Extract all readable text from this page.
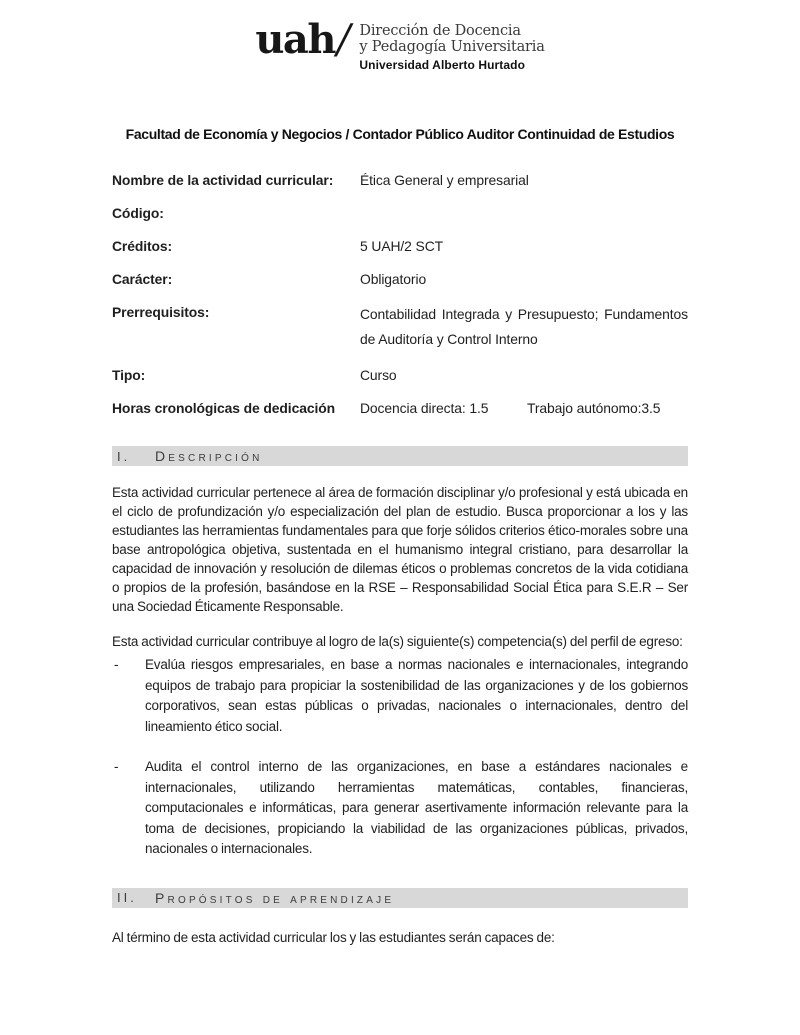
uah/ Dirección de Docencia
y Pedagogía Universitaria
Universidad Alberto Hurtado
Facultad de Economía y Negocios / Contador Público Auditor Continuidad de Estudios
Nombre de la actividad curricular:	Ética General y empresarial
Código:
Créditos:	5 UAH/2 SCT
Carácter:	Obligatorio
Prerrequisitos:	Contabilidad Integrada y Presupuesto; Fundamentos de Auditoría y Control Interno
Tipo:	Curso
Horas cronológicas de dedicación	Docencia directa: 1.5	Trabajo autónomo:3.5
I.	Descripción

Esta actividad curricular pertenece al área de formación disciplinar y/o profesional y está ubicada en el ciclo de profundización y/o especialización del plan de estudio. Busca proporcionar a los y las estudiantes las herramientas fundamentales para que forje sólidos criterios ético-morales sobre una base antropológica objetiva, sustentada en el humanismo integral cristiano, para desarrollar la capacidad de innovación y resolución de dilemas éticos o problemas concretos de la vida cotidiana o propios de la profesión, basándose en la RSE – Responsabilidad Social Ética para S.E.R – Ser una Sociedad Éticamente Responsable.

Esta actividad curricular contribuye al logro de la(s) siguiente(s) competencia(s) del perfil de egreso:

-	Evalúa riesgos empresariales, en base a normas nacionales e internacionales, integrando equipos de trabajo para propiciar la sostenibilidad de las organizaciones y de los gobiernos corporativos, sean estas públicas o privadas, nacionales o internacionales, dentro del lineamiento ético social.
-	Audita el control interno de las organizaciones, en base a estándares nacionales e internacionales, utilizando herramientas matemáticas, contables, financieras, computacionales e informáticas, para generar asertivamente información relevante para la toma de decisiones, propiciando la viabilidad de las organizaciones públicas, privados, nacionales o internacionales.
II.	Propósitos de aprendizaje

Al término de esta actividad curricular los y las estudiantes serán capaces de:
